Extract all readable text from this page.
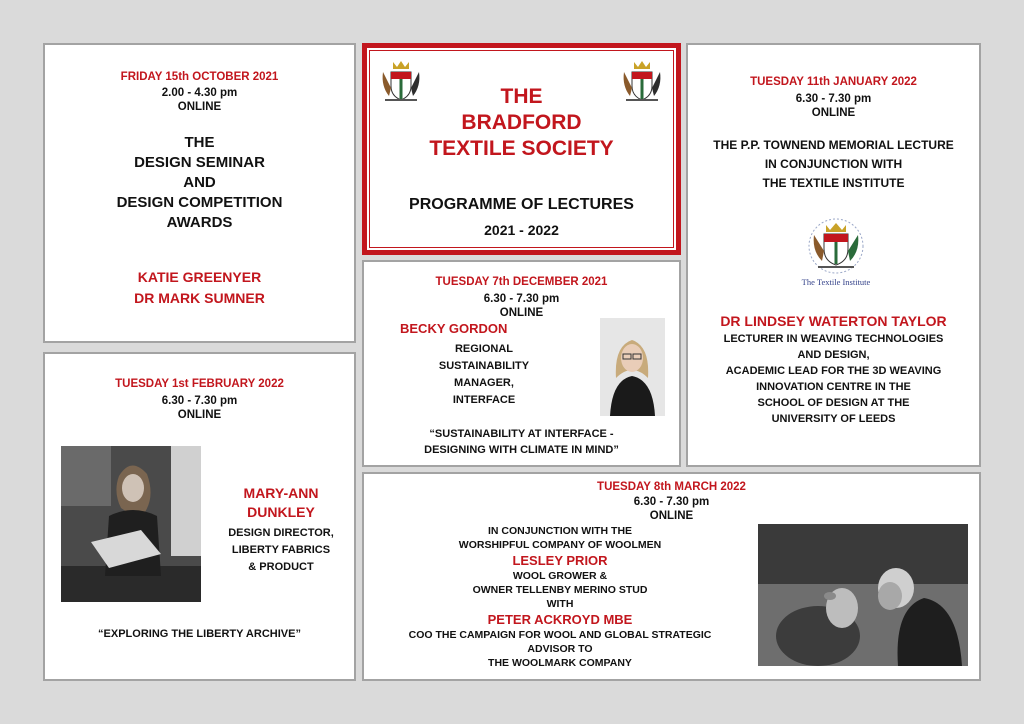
FRIDAY 15th OCTOBER 2021
2.00 - 4.30 pm
ONLINE
THE
DESIGN SEMINAR
AND
DESIGN COMPETITION
AWARDS
KATIE GREENYER
DR MARK SUMNER
THE
BRADFORD
TEXTILE SOCIETY
PROGRAMME OF LECTURES
2021 - 2022
TUESDAY 11th JANUARY 2022
6.30 - 7.30 pm
ONLINE
THE P.P. TOWNEND MEMORIAL LECTURE
IN CONJUNCTION WITH
THE TEXTILE INSTITUTE
The Textile Institute
DR LINDSEY WATERTON TAYLOR
LECTURER IN WEAVING TECHNOLOGIES
AND DESIGN,
ACADEMIC LEAD FOR THE 3D WEAVING
INNOVATION CENTRE IN THE
SCHOOL OF DESIGN AT THE
UNIVERSITY OF LEEDS
TUESDAY 7th DECEMBER 2021
6.30 - 7.30 pm
ONLINE
BECKY GORDON
REGIONAL
SUSTAINABILITY
MANAGER,
INTERFACE
“SUSTAINABILITY AT INTERFACE -
DESIGNING WITH CLIMATE IN MIND”
TUESDAY 1st FEBRUARY 2022
6.30 - 7.30 pm
ONLINE
MARY-ANN
DUNKLEY
DESIGN DIRECTOR,
LIBERTY FABRICS
& PRODUCT
“EXPLORING THE LIBERTY ARCHIVE”
TUESDAY 8th MARCH 2022
6.30 - 7.30 pm
ONLINE
IN CONJUNCTION WITH THE
WORSHIPFUL COMPANY OF WOOLMEN
LESLEY PRIOR
WOOL GROWER &
OWNER TELLENBY MERINO STUD
WITH
PETER ACKROYD MBE
COO THE CAMPAIGN FOR WOOL AND GLOBAL STRATEGIC
ADVISOR TO
THE WOOLMARK COMPANY
